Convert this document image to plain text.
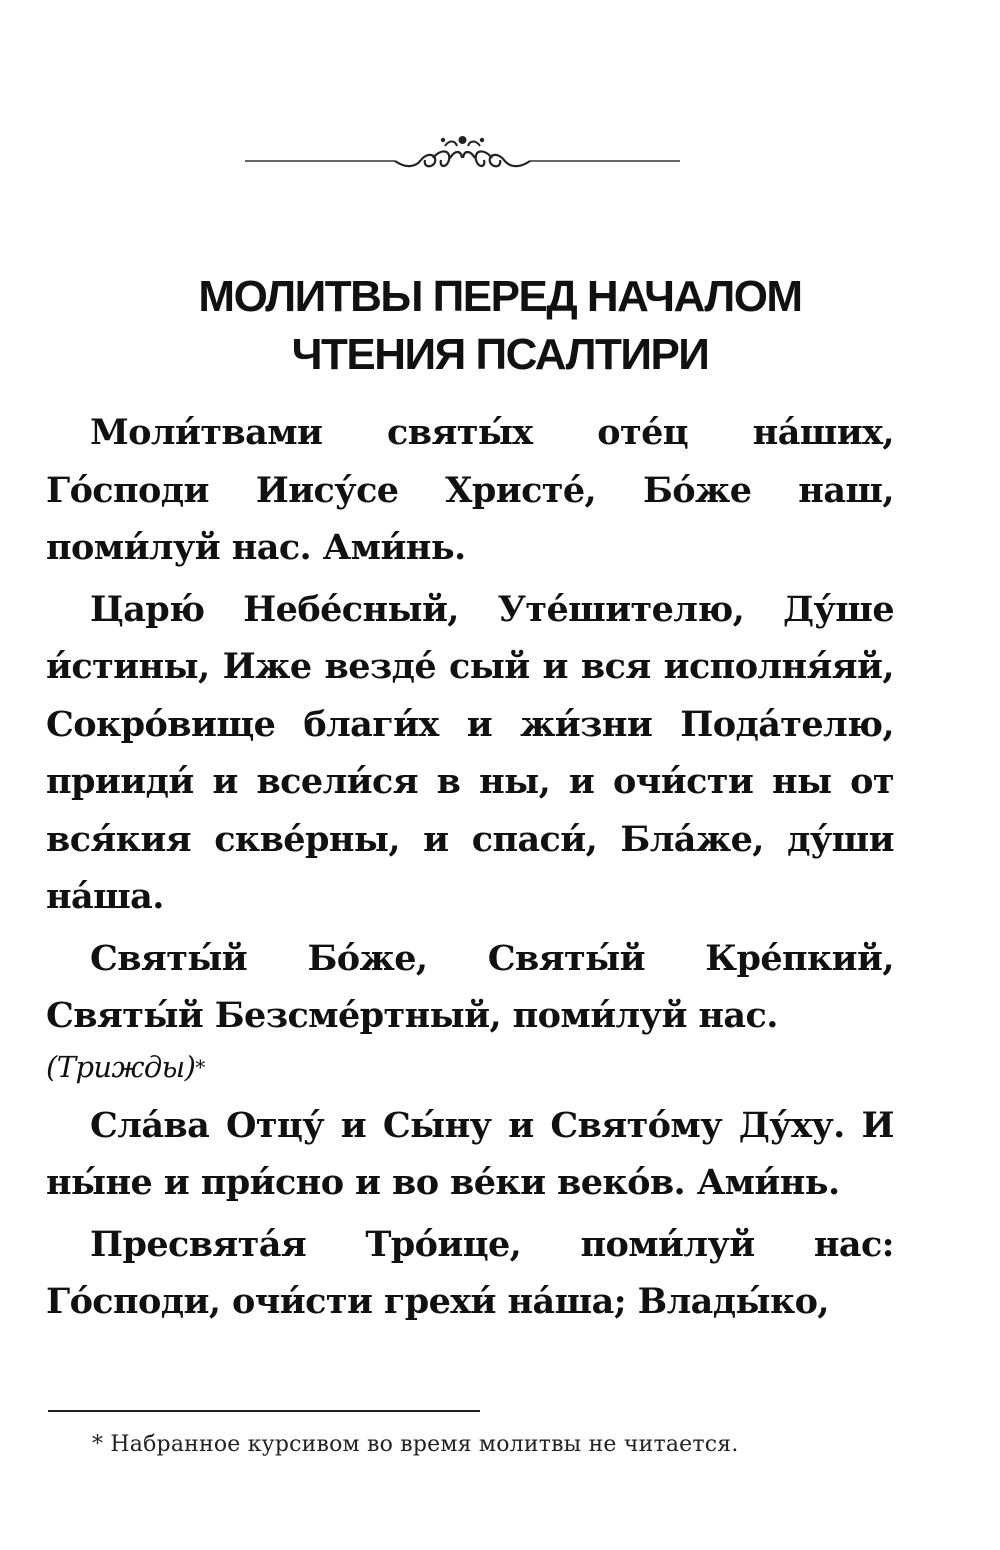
МОЛИТВЫ ПЕРЕД НАЧАЛОМ
ЧТЕНИЯ ПСАЛТИРИ

Моли́твами святы́х оте́ц на́ших, Го́споди Иису́се Христе́, Бо́же наш, поми́луй нас. Ами́нь.

Царю́ Небе́сный, Уте́шителю, Ду́ше и́стины, Иже везде́ сый и вся исполня́яй, Сокро́вище благи́х и жи́зни Пода́телю, прииди́ и всели́ся в ны, и очи́сти ны от вся́кия скве́рны, и спаси́, Бла́же, ду́ши на́ша.

Святы́й Бо́же, Святы́й Кре́пкий, Святы́й Безсме́ртный, поми́луй нас.

(Трижды)*

Сла́ва Отцу́ и Сы́ну и Свято́му Ду́ху. И ны́не и при́сно и во ве́ки веко́в. Ами́нь.

Пресвята́я Тро́ице, поми́луй нас: Го́споди, очи́сти грехи́ на́ша; Влады́ко,

* Набранное курсивом во время молитвы не читается.
